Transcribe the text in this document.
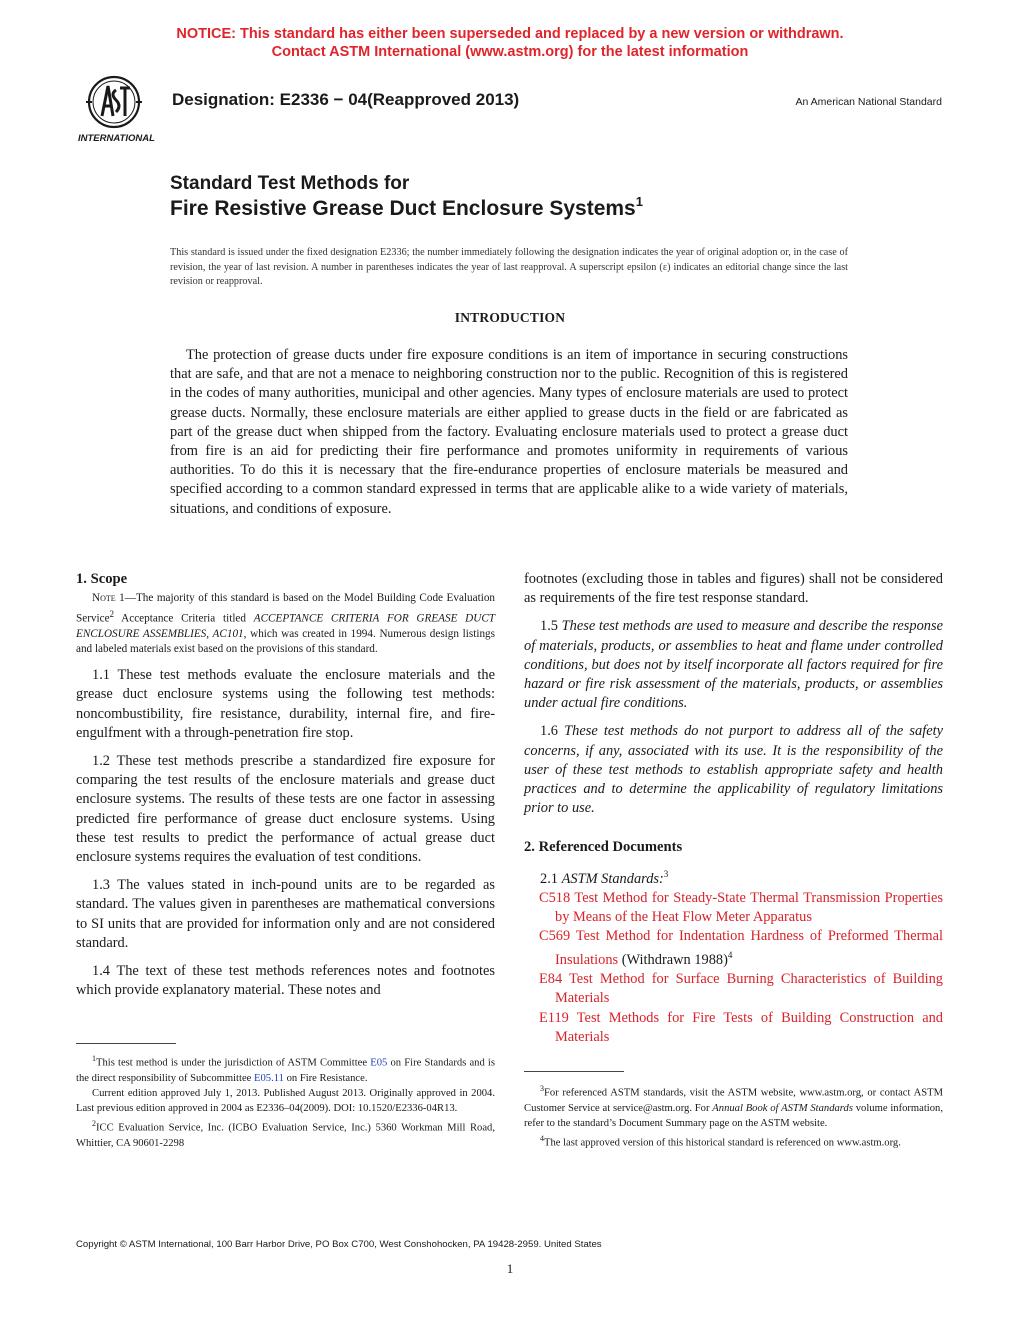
NOTICE: This standard has either been superseded and replaced by a new version or withdrawn.
Contact ASTM International (www.astm.org) for the latest information
INTERNATIONAL
Designation: E2336 − 04(Reapproved 2013)	An American National Standard
Standard Test Methods for
Fire Resistive Grease Duct Enclosure Systems$^1$
This standard is issued under the fixed designation E2336; the number immediately following the designation indicates the year of original adoption or, in the case of revision, the year of last revision. A number in parentheses indicates the year of last reapproval. A superscript epsilon (ε) indicates an editorial change since the last revision or reapproval.
INTRODUCTION

The protection of grease ducts under fire exposure conditions is an item of importance in securing constructions that are safe, and that are not a menace to neighboring construction nor to the public. Recognition of this is registered in the codes of many authorities, municipal and other agencies. Many types of enclosure materials are used to protect grease ducts. Normally, these enclosure materials are either applied to grease ducts in the field or are fabricated as part of the grease duct when shipped from the factory. Evaluating enclosure materials used to protect a grease duct from fire is an aid for predicting their fire performance and promotes uniformity in requirements of various authorities. To do this it is necessary that the fire-endurance properties of enclosure materials be measured and specified according to a common standard expressed in terms that are applicable alike to a wide variety of materials, situations, and conditions of exposure.

1. Scope
Note 1—The majority of this standard is based on the Model Building Code Evaluation Service$^2$ Acceptance Criteria titled ACCEPTANCE CRITERIA FOR GREASE DUCT ENCLOSURE ASSEMBLIES, AC101, which was created in 1994. Numerous design listings and labeled materials exist based on the provisions of this standard.

1.1 These test methods evaluate the enclosure materials and the grease duct enclosure systems using the following test methods: noncombustibility, fire resistance, durability, internal fire, and fire-engulfment with a through-penetration fire stop.

1.2 These test methods prescribe a standardized fire exposure for comparing the test results of the enclosure materials and grease duct enclosure systems. The results of these tests are one factor in assessing predicted fire performance of grease duct enclosure systems. Using these test results to predict the performance of actual grease duct enclosure systems requires the evaluation of test conditions.

1.3 The values stated in inch-pound units are to be regarded as standard. The values given in parentheses are mathematical conversions to SI units that are provided for information only and are not considered standard.

1.4 The text of these test methods references notes and footnotes which provide explanatory material. These notes and

$^1$This test method is under the jurisdiction of ASTM Committee E05 on Fire Standards and is the direct responsibility of Subcommittee E05.11 on Fire Resistance.

Current edition approved July 1, 2013. Published August 2013. Originally approved in 2004. Last previous edition approved in 2004 as E2336–04(2009). DOI: 10.1520/E2336-04R13.

$^2$ICC Evaluation Service, Inc. (ICBO Evaluation Service, Inc.) 5360 Workman Mill Road, Whittier, CA 90601-2298

footnotes (excluding those in tables and figures) shall not be considered as requirements of the fire test response standard.

1.5 These test methods are used to measure and describe the response of materials, products, or assemblies to heat and flame under controlled conditions, but does not by itself incorporate all factors required for fire hazard or fire risk assessment of the materials, products, or assemblies under actual fire conditions.

1.6 These test methods do not purport to address all of the safety concerns, if any, associated with its use. It is the responsibility of the user of these test methods to establish appropriate safety and health practices and to determine the applicability of regulatory limitations prior to use.

2. Referenced Documents

2.1 ASTM Standards:$^3$

C518 Test Method for Steady-State Thermal Transmission Properties by Means of the Heat Flow Meter Apparatus
C569 Test Method for Indentation Hardness of Preformed Thermal Insulations (Withdrawn 1988)$^4$
E84 Test Method for Surface Burning Characteristics of Building Materials
E119 Test Methods for Fire Tests of Building Construction and Materials

$^3$For referenced ASTM standards, visit the ASTM website, www.astm.org, or contact ASTM Customer Service at service@astm.org. For Annual Book of ASTM Standards volume information, refer to the standard’s Document Summary page on the ASTM website.

$^4$The last approved version of this historical standard is referenced on www.astm.org.

Copyright © ASTM International, 100 Barr Harbor Drive, PO Box C700, West Conshohocken, PA 19428-2959. United States
1
